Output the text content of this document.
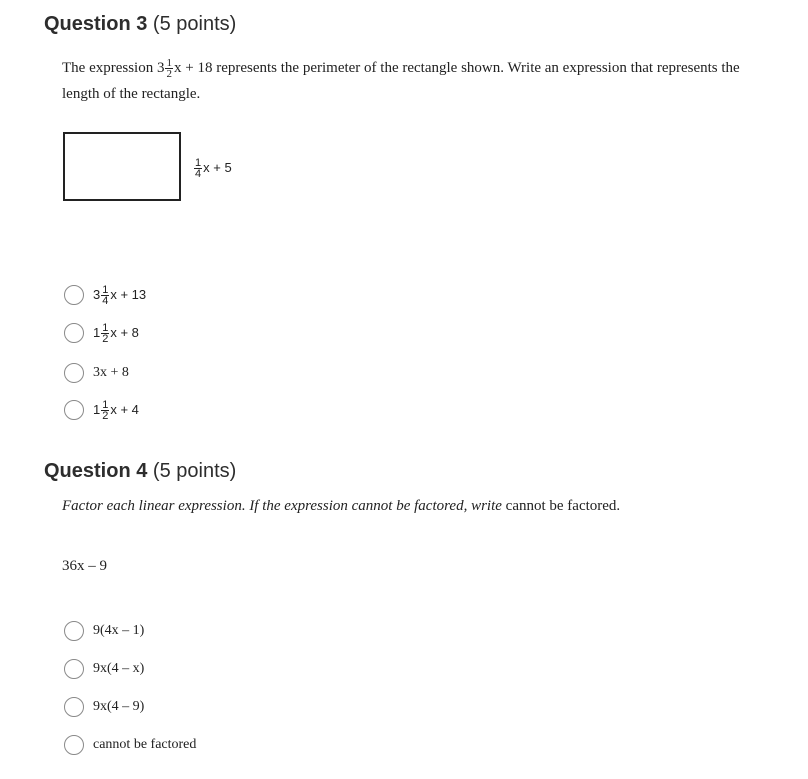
Question 3 (5 points)
The expression $3 \frac{1}{2}$ x + 18 represents the perimeter of the rectangle shown. Write an expression that represents the length of the rectangle.
$\frac{1}{4}$ x + 5
$3 \frac{1}{4}$ x + 13
$1 \frac{1}{2}$ x + 8
3x + 8
$1 \frac{1}{2}$ x + 4
Question 4 (5 points)
Factor each linear expression. If the expression cannot be factored, write cannot be factored.
36x – 9
9(4x – 1)
9x(4 – x)
9x(4 – 9)
cannot be factored
